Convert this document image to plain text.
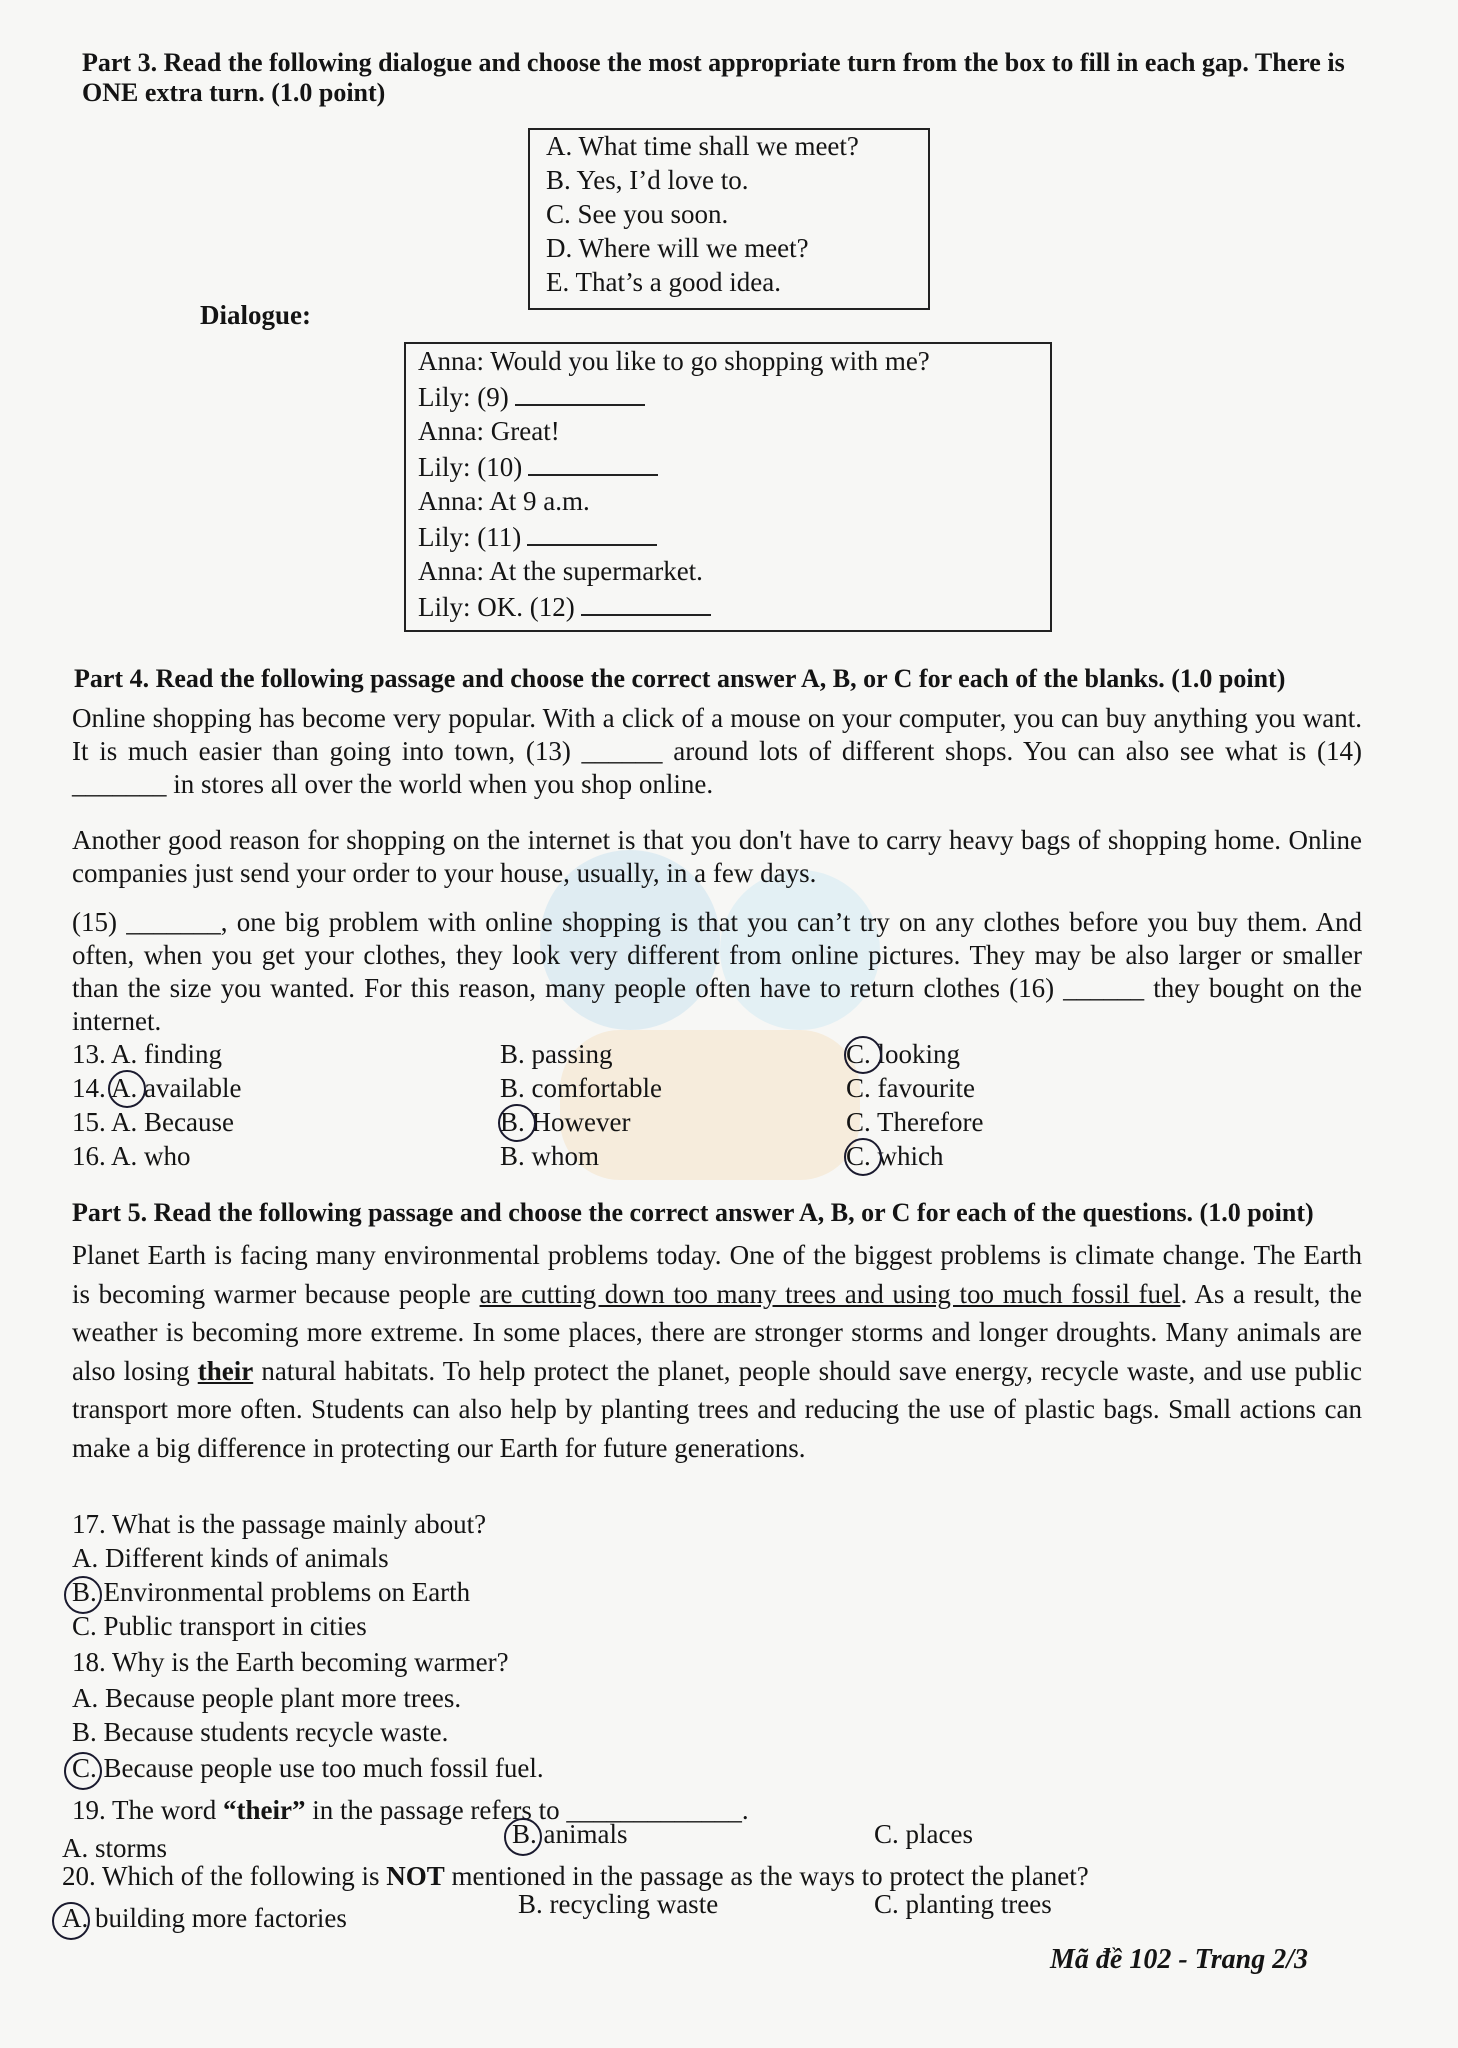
Part 3. Read the following dialogue and choose the most appropriate turn from the box to fill in each gap. There is ONE extra turn. (1.0 point)
A. What time shall we meet?
B. Yes, I’d love to.
C. See you soon.
D. Where will we meet?
E. That’s a good idea.
Dialogue:
Anna: Would you like to go shopping with me?
Lily: (9)
Anna: Great!
Lily: (10)
Anna: At 9 a.m.
Lily: (11)
Anna: At the supermarket.
Lily: OK. (12)
Part 4. Read the following passage and choose the correct answer A, B, or C for each of the blanks. (1.0 point)
Online shopping has become very popular. With a click of a mouse on your computer, you can buy anything you want. It is much easier than going into town, (13) ______ around lots of different shops. You can also see what is (14) _______ in stores all over the world when you shop online.
Another good reason for shopping on the internet is that you don't have to carry heavy bags of shopping home. Online companies just send your order to your house, usually, in a few days.
(15) _______, one big problem with online shopping is that you can’t try on any clothes before you buy them. And often, when you get your clothes, they look very different from online pictures. They may be also larger or smaller than the size you wanted. For this reason, many people often have to return clothes (16) ______ they bought on the internet.
13. A. finding	B. passing	C. looking
14. A. available	B. comfortable	C. favourite
15. A. Because	B. However	C. Therefore
16. A. who	B. whom	C. which
Part 5. Read the following passage and choose the correct answer A, B, or C for each of the questions. (1.0 point)
Planet Earth is facing many environmental problems today. One of the biggest problems is climate change. The Earth is becoming warmer because people are cutting down too many trees and using too much fossil fuel. As a result, the weather is becoming more extreme. In some places, there are stronger storms and longer droughts. Many animals are also losing their natural habitats. To help protect the planet, people should save energy, recycle waste, and use public transport more often. Students can also help by planting trees and reducing the use of plastic bags. Small actions can make a big difference in protecting our Earth for future generations.
17. What is the passage mainly about?
A. Different kinds of animals
B. Environmental problems on Earth
C. Public transport in cities
18. Why is the Earth becoming warmer?
A. Because people plant more trees.
B. Because students recycle waste.
C. Because people use too much fossil fuel.
19. The word “their” in the passage refers to _____________.
A. storms	B. animals	C. places
20. Which of the following is NOT mentioned in the passage as the ways to protect the planet?
A. building more factories	B. recycling waste	C. planting trees
Mã đề 102 - Trang 2/3
